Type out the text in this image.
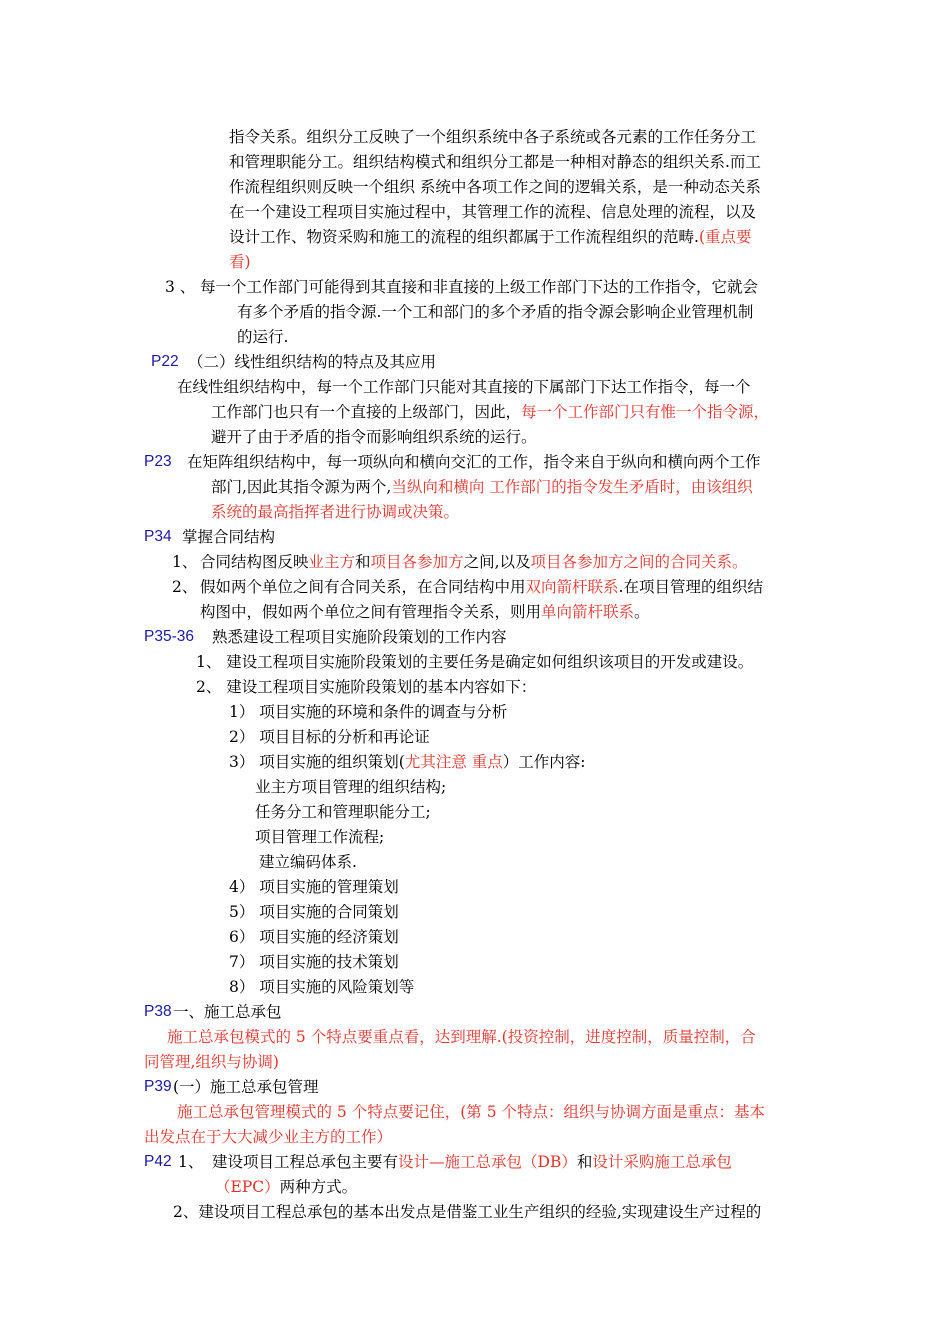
指令关系。组织分工反映了一个组织系统中各子系统或各元素的工作任务分工
和管理职能分工。组织结构模式和组织分工都是一种相对静态的组织关系.而工
作流程组织则反映一个组织 系统中各项工作之间的逻辑关系，是一种动态关系
在一个建设工程项目实施过程中，其管理工作的流程、信息处理的流程，以及
设计工作、物资采购和施工的流程的组织都属于工作流程组织的范畴.(重点要
看)
3 、 每一个工作部门可能得到其直接和非直接的上级工作部门下达的工作指令，它就会
有多个矛盾的指令源.一个工和部门的多个矛盾的指令源会影响企业管理机制
的运行.
P22 （二）线性组织结构的特点及其应用
在线性组织结构中，每一个工作部门只能对其直接的下属部门下达工作指令，每一个
工作部门也只有一个直接的上级部门，因此，每一个工作部门只有惟一个指令源，
避开了由于矛盾的指令而影响组织系统的运行。
P23 在矩阵组织结构中，每一项纵向和横向交汇的工作，指令来自于纵向和横向两个工作
部门,因此其指令源为两个,当纵向和横向 工作部门的指令发生矛盾时，由该组织
系统的最高指挥者进行协调或决策。
P34 掌握合同结构
1、 合同结构图反映业主方和项目各参加方之间,以及项目各参加方之间的合同关系。
2、 假如两个单位之间有合同关系，在合同结构中用双向箭杆联系.在项目管理的组织结
构图中，假如两个单位之间有管理指令关系，则用单向箭杆联系。
P35-36 熟悉建设工程项目实施阶段策划的工作内容
1、 建设工程项目实施阶段策划的主要任务是确定如何组织该项目的开发或建设。
2、 建设工程项目实施阶段策划的基本内容如下：
1） 项目实施的环境和条件的调查与分析
2） 项目目标的分析和再论证
3） 项目实施的组织策划(尤其注意 重点）工作内容:
业主方项目管理的组织结构;
任务分工和管理职能分工;
项目管理工作流程;
建立编码体系.
4） 项目实施的管理策划
5） 项目实施的合同策划
6） 项目实施的经济策划
7） 项目实施的技术策划
8） 项目实施的风险策划等
P38 一、施工总承包
施工总承包模式的 5 个特点要重点看，达到理解.(投资控制，进度控制，质量控制，合
同管理,组织与协调)
P39 (一）施工总承包管理
施工总承包管理模式的 5 个特点要记住，(第 5 个特点：组织与协调方面是重点：基本
出发点在于大大减少业主方的工作）
P42 1、 建设项目工程总承包主要有设计—施工总承包（DB）和设计采购施工总承包
（EPC）两种方式。
2、建设项目工程总承包的基本出发点是借鉴工业生产组织的经验,实现建设生产过程的
